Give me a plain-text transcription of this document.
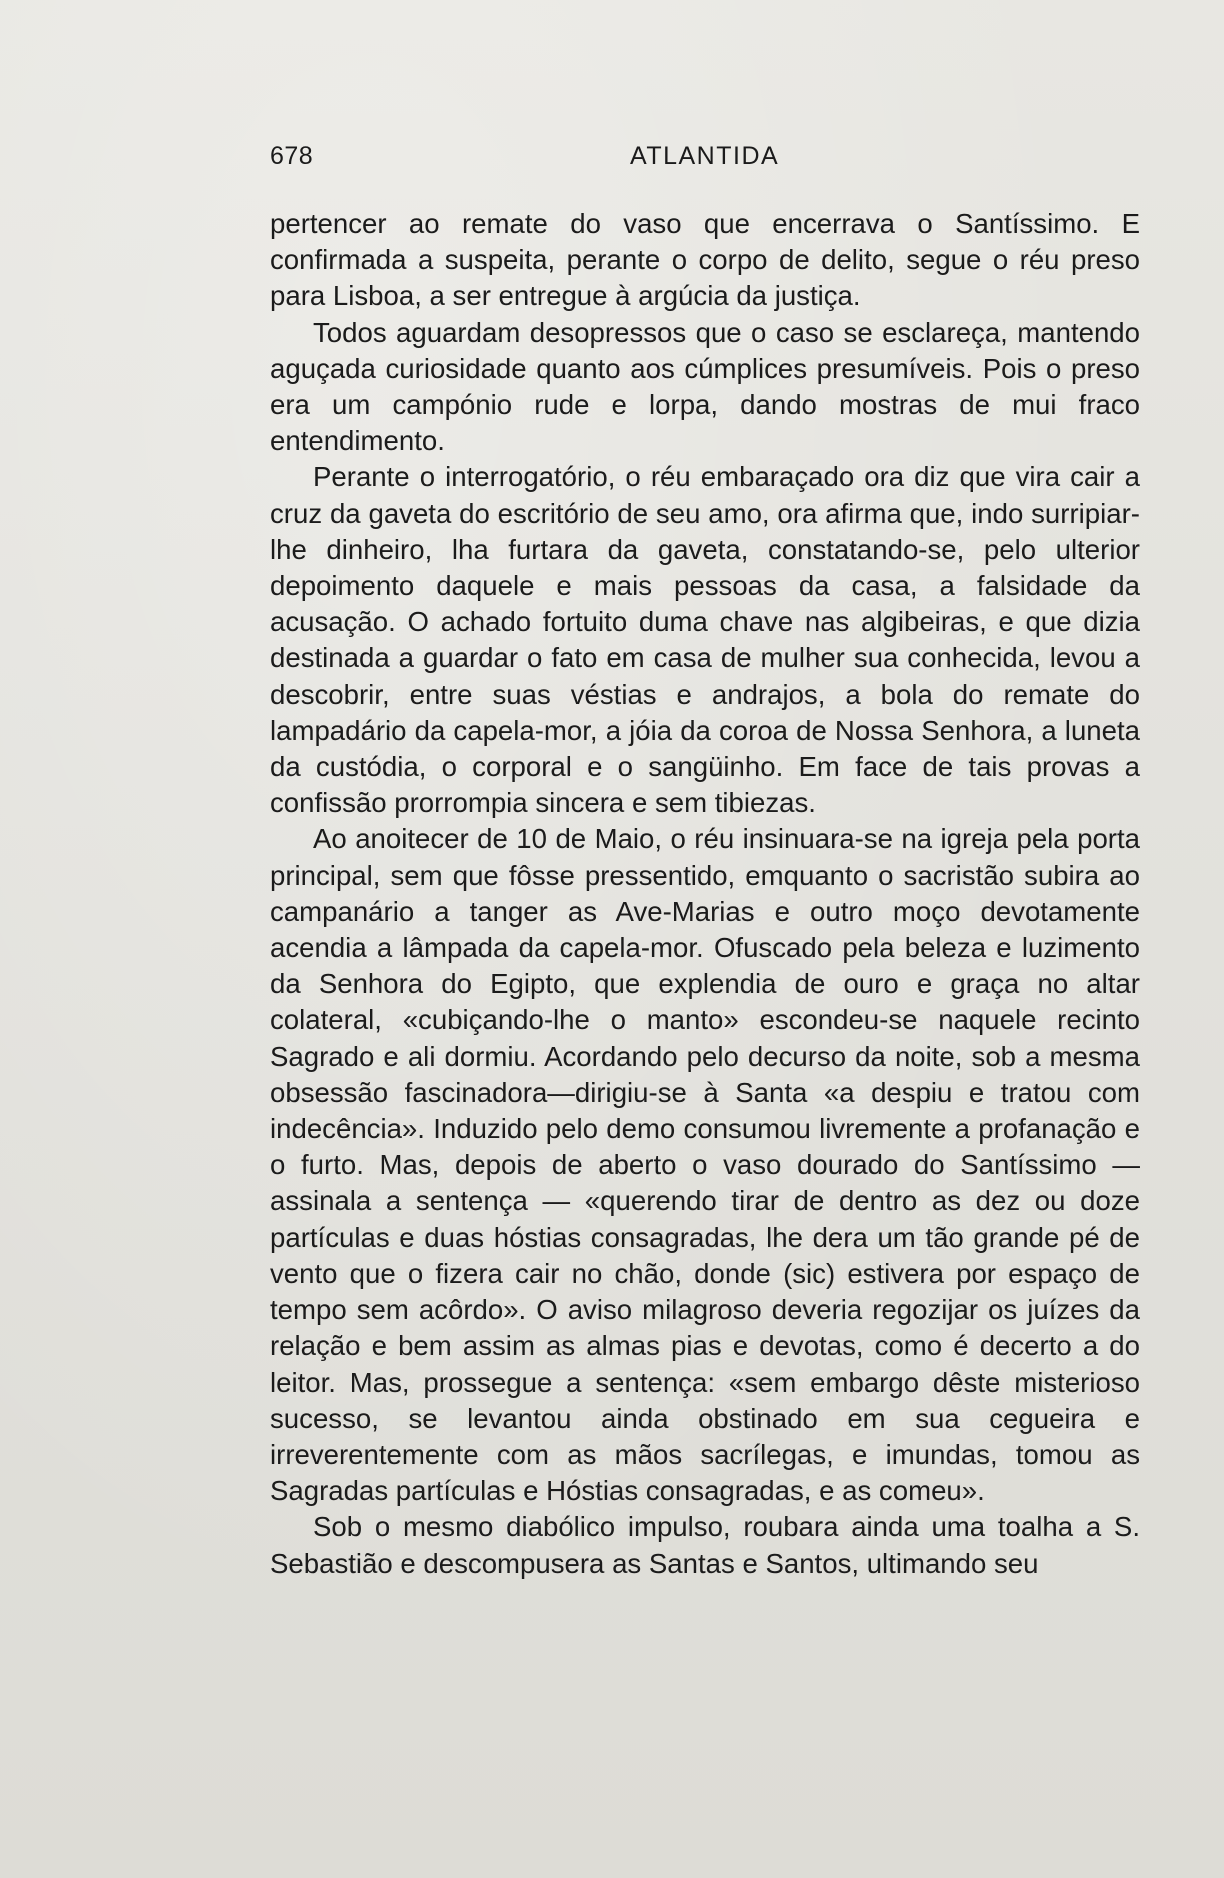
678	ATLANTIDA

pertencer ao remate do vaso que encerrava o Santíssimo. E confirmada a suspeita, perante o corpo de delito, segue o réu preso para Lisboa, a ser entregue à argúcia da justiça.

Todos aguardam desopressos que o caso se esclareça, mantendo aguçada curiosidade quanto aos cúmplices presumíveis. Pois o preso era um campónio rude e lorpa, dando mostras de mui fraco entendimento.

Perante o interrogatório, o réu embaraçado ora diz que vira cair a cruz da gaveta do escritório de seu amo, ora afirma que, indo surripiar-lhe dinheiro, lha furtara da gaveta, constatando-se, pelo ulterior depoimento daquele e mais pessoas da casa, a falsidade da acusação. O achado fortuito duma chave nas algibeiras, e que dizia destinada a guardar o fato em casa de mulher sua conhecida, levou a descobrir, entre suas véstias e andrajos, a bola do remate do lampadário da capela-mor, a jóia da coroa de Nossa Senhora, a luneta da custódia, o corporal e o sangüinho. Em face de tais provas a confissão prorrompia sincera e sem tibiezas.

Ao anoitecer de 10 de Maio, o réu insinuara-se na igreja pela porta principal, sem que fôsse pressentido, emquanto o sacristão subira ao campanário a tanger as Ave-Marias e outro moço devotamente acendia a lâmpada da capela-mor. Ofuscado pela beleza e luzimento da Senhora do Egipto, que explendia de ouro e graça no altar colateral, «cubiçando-lhe o manto» escondeu-se naquele recinto Sagrado e ali dormiu. Acordando pelo decurso da noite, sob a mesma obsessão fascinadora—dirigiu-se à Santa «a despiu e tratou com indecência». Induzido pelo demo consumou livremente a profanação e o furto. Mas, depois de aberto o vaso dourado do Santíssimo — assinala a sentença — «querendo tirar de dentro as dez ou doze partículas e duas hóstias consagradas, lhe dera um tão grande pé de vento que o fizera cair no chão, donde (sic) estivera por espaço de tempo sem acôrdo». O aviso milagroso deveria regozijar os juízes da relação e bem assim as almas pias e devotas, como é decerto a do leitor. Mas, prossegue a sentença: «sem embargo dêste misterioso sucesso, se levantou ainda obstinado em sua cegueira e irreverentemente com as mãos sacrílegas, e imundas, tomou as Sagradas partículas e Hóstias consagradas, e as comeu».

Sob o mesmo diabólico impulso, roubara ainda uma toalha a S. Sebastião e descompusera as Santas e Santos, ultimando seu
